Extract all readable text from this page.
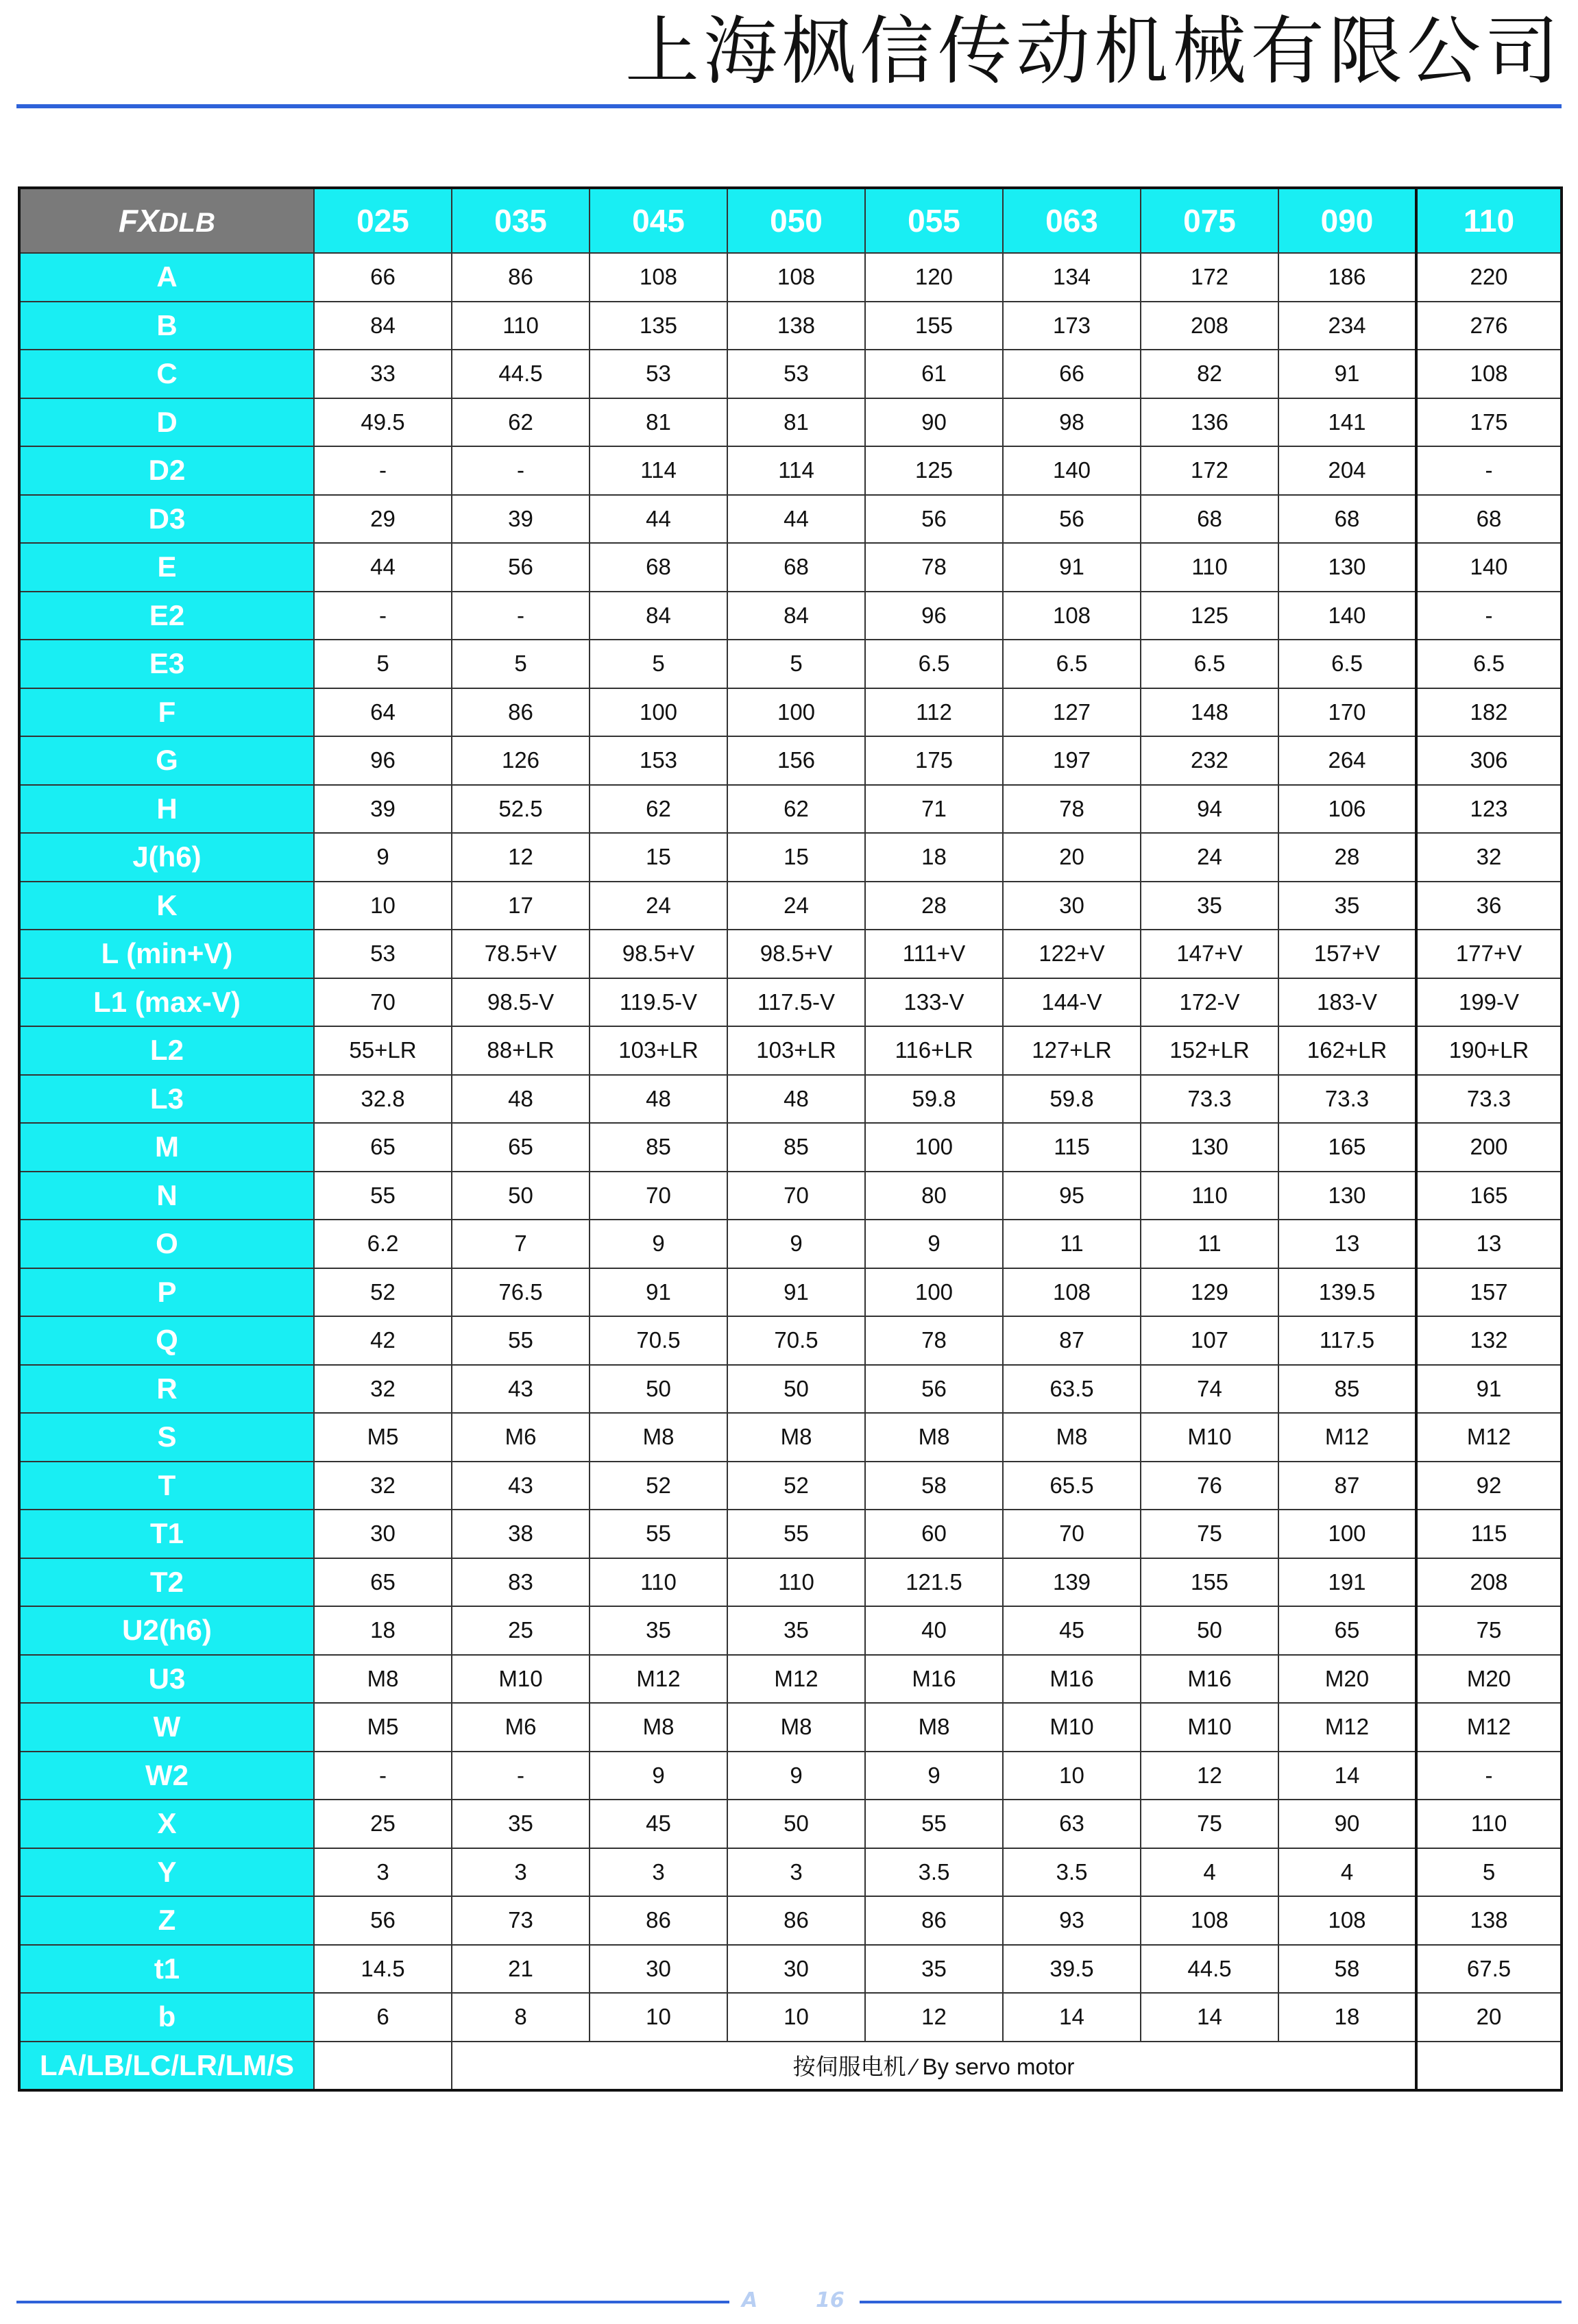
上海枫信传动机械有限公司
FXDLB	025	035	045	050	055	063	075	090	110
A	66	86	108	108	120	134	172	186	220
B	84	110	135	138	155	173	208	234	276
C	33	44.5	53	53	61	66	82	91	108
D	49.5	62	81	81	90	98	136	141	175
D2	-	-	114	114	125	140	172	204	-
D3	29	39	44	44	56	56	68	68	68
E	44	56	68	68	78	91	110	130	140
E2	-	-	84	84	96	108	125	140	-
E3	5	5	5	5	6.5	6.5	6.5	6.5	6.5
F	64	86	100	100	112	127	148	170	182
G	96	126	153	156	175	197	232	264	306
H	39	52.5	62	62	71	78	94	106	123
J(h6)	9	12	15	15	18	20	24	28	32
K	10	17	24	24	28	30	35	35	36
L (min+V)	53	78.5+V	98.5+V	98.5+V	111+V	122+V	147+V	157+V	177+V
L1 (max-V)	70	98.5-V	119.5-V	117.5-V	133-V	144-V	172-V	183-V	199-V
L2	55+LR	88+LR	103+LR	103+LR	116+LR	127+LR	152+LR	162+LR	190+LR
L3	32.8	48	48	48	59.8	59.8	73.3	73.3	73.3
M	65	65	85	85	100	115	130	165	200
N	55	50	70	70	80	95	110	130	165
O	6.2	7	9	9	9	11	11	13	13
P	52	76.5	91	91	100	108	129	139.5	157
Q	42	55	70.5	70.5	78	87	107	117.5	132
R	32	43	50	50	56	63.5	74	85	91
S	M5	M6	M8	M8	M8	M8	M10	M12	M12
T	32	43	52	52	58	65.5	76	87	92
T1	30	38	55	55	60	70	75	100	115
T2	65	83	110	110	121.5	139	155	191	208
U2(h6)	18	25	35	35	40	45	50	65	75
U3	M8	M10	M12	M12	M16	M16	M16	M20	M20
W	M5	M6	M8	M8	M8	M10	M10	M12	M12
W2	-	-	9	9	9	10	12	14	-
X	25	35	45	50	55	63	75	90	110
Y	3	3	3	3	3.5	3.5	4	4	5
Z	56	73	86	86	86	93	108	108	138
t1	14.5	21	30	30	35	39.5	44.5	58	67.5
b	6	8	10	10	12	14	14	18	20
LA/LB/LC/LR/LM/S		按伺服电机 ∕ By servo motor							
A	16
